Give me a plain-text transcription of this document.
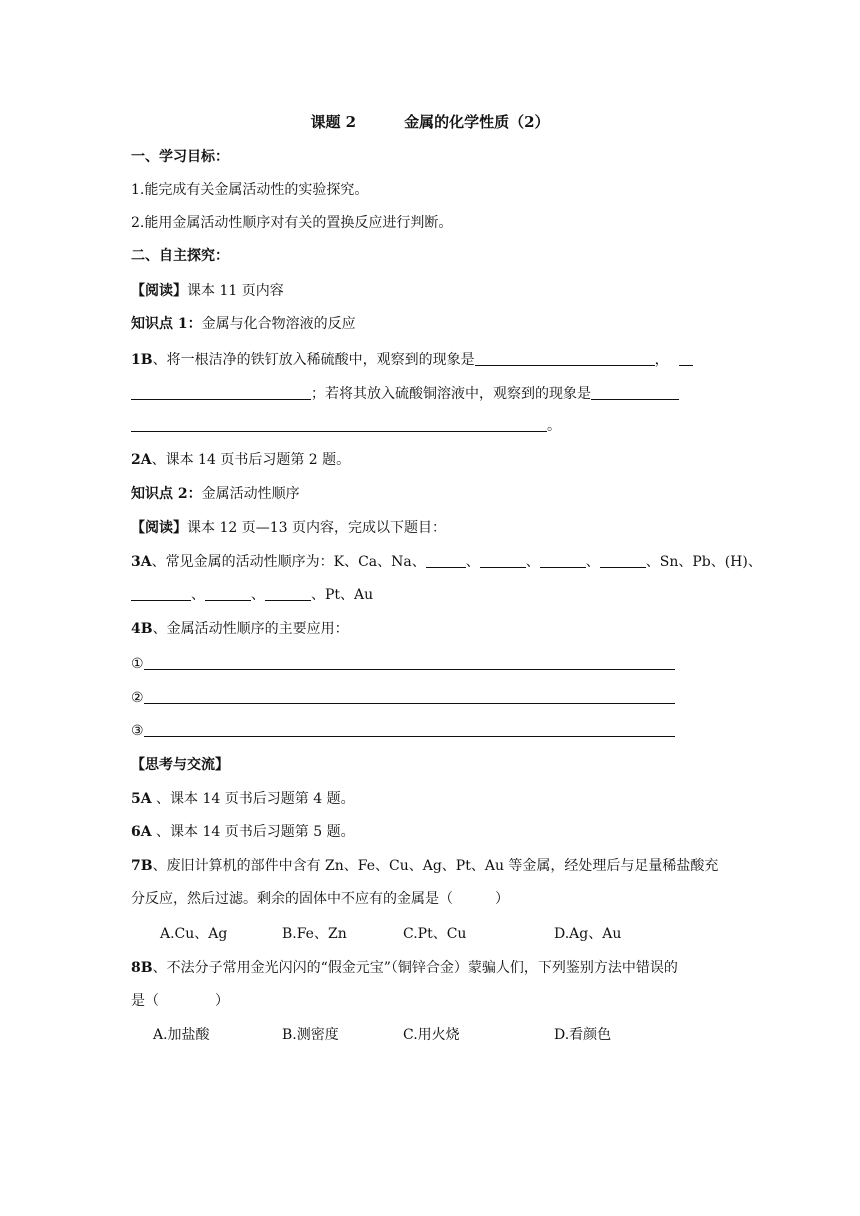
课题 2	金属的化学性质（2）
一、学习目标：
1.能完成有关金属活动性的实验探究。
2.能用金属活动性顺序对有关的置换反应进行判断。
二、自主探究：
【阅读】课本 11 页内容
知识点 1：金属与化合物溶液的反应
1B、将一根洁净的铁钉放入稀硫酸中，观察到的现象是	，
；若将其放入硫酸铜溶液中，观察到的现象是
。
2A、课本 14 页书后习题第 2 题。
知识点 2：金属活动性顺序
【阅读】课本 12 页—13 页内容，完成以下题目：
3A、常见金属的活动性顺序为：K、Ca、Na、	、	、	、	、Sn、Pb、(H)、
、	、	、Pt、Au
4B、金属活动性顺序的主要应用：
①
②
③
【思考与交流】
5A 、课本 14 页书后习题第 4 题。
6A 、课本 14 页书后习题第 5 题。
7B、废旧计算机的部件中含有 Zn、Fe、Cu、Ag、Pt、Au 等金属，经处理后与足量稀盐酸充
分反应，然后过滤。剩余的固体中不应有的金属是（　　　）
A.Cu、Ag	B.Fe、Zn	C.Pt、Cu	D.Ag、Au
8B、不法分子常用金光闪闪的“假金元宝”（铜锌合金）蒙骗人们，下列鉴别方法中错误的
是（　　　　）
A.加盐酸	B.测密度	C.用火烧	D.看颜色
